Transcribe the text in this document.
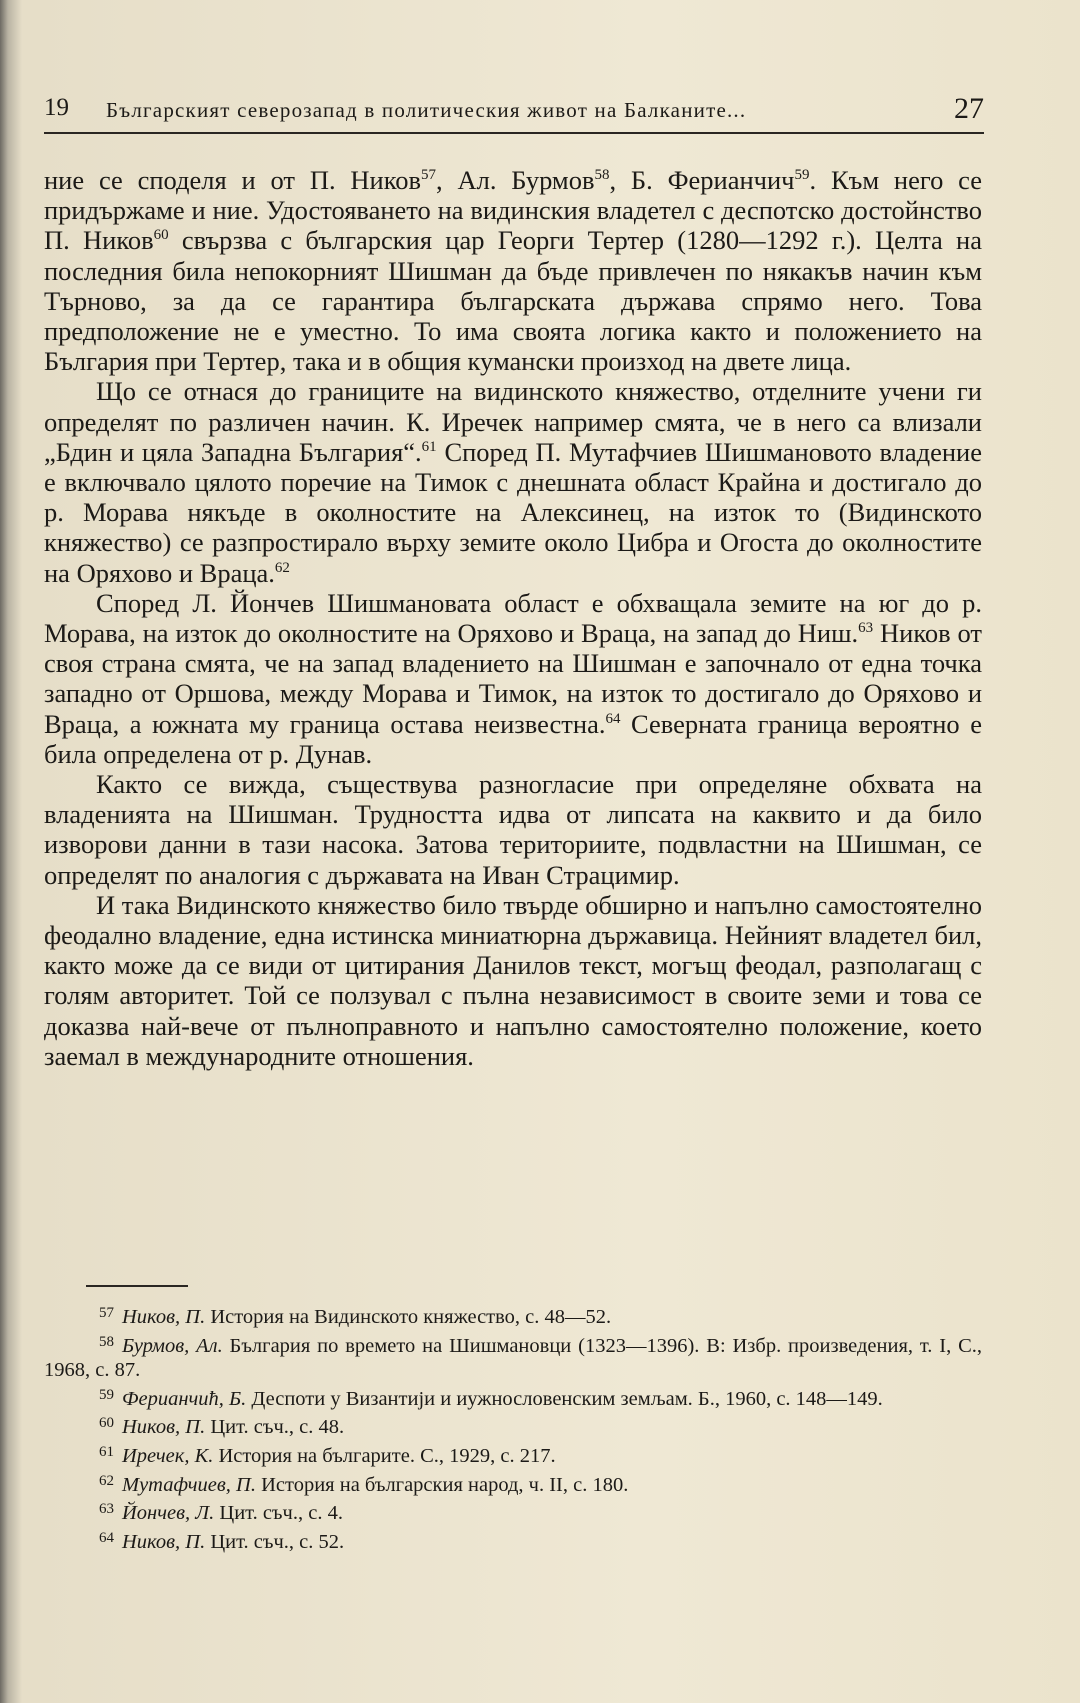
19 Българският северозапад в политическия живот на Балканите...	27

ние се споделя и от П. Ников$^{57}$, Ал. Бурмов$^{58}$, Б. Ферианчич$^{59}$. Към него се придържаме и ние. Удостояването на видинския владетел с деспотско достойнство П. Ников$^{60}$ свързва с българския цар Георги Тертер (1280—1292 г.). Целта на последния била непокорният Шишман да бъде привлечен по някакъв начин към Търново, за да се гарантира българската държава спрямо него. Това предположение не е уместно. То има своята логика както и положението на България при Тертер, така и в общия кумански произход на двете лица.

Що се отнася до границите на видинското княжество, отделните учени ги определят по различен начин. К. Иречек например смята, че в него са влизали „Бдин и цяла Западна България“.$^{61}$ Според П. Мутафчиев Шишмановото владение е включвало цялото поречие на Тимок с днешната област Крайна и достигало до р. Морава някъде в околностите на Алексинец, на изток то (Видинското княжество) се разпростирало върху земите около Цибра и Огоста до околностите на Оряхово и Враца.$^{62}$

Според Л. Йончев Шишмановата област е обхващала земите на юг до р. Морава, на изток до околностите на Оряхово и Враца, на запад до Ниш.$^{63}$ Ников от своя страна смята, че на запад владението на Шишман е започнало от една точка западно от Оршова, между Морава и Тимок, на изток то достигало до Оряхово и Враца, а южната му граница остава неизвестна.$^{64}$ Северната граница вероятно е била определена от р. Дунав.

Както се вижда, съществува разногласие при определяне обхвата на владенията на Шишман. Трудността идва от липсата на каквито и да било изворови данни в тази насока. Затова териториите, подвластни на Шишман, се определят по аналогия с държавата на Иван Страцимир.

И така Видинското княжество било твърде обширно и напълно самостоятелно феодално владение, една истинска миниатюрна държавица. Нейният владетел бил, както може да се види от цитирания Данилов текст, могъщ феодал, разполагащ с голям авторитет. Той се ползувал с пълна независимост в своите земи и това се доказва най-вече от пълноправното и напълно самостоятелно положение, което заемал в международните отношения.

57 Ников, П. История на Видинското княжество, с. 48—52.

58 Бурмов, Ал. България по времето на Шишмановци (1323—1396). В: Избр. произведения, т. I, С., 1968, с. 87.

59 Ферианчић, Б. Деспоти у Византији и иужнословенским земљам. Б., 1960, с. 148—149.

60 Ников, П. Цит. съч., с. 48.

61 Иречек, К. История на българите. С., 1929, с. 217.

62 Мутафчиев, П. История на българския народ, ч. II, с. 180.

63 Йончев, Л. Цит. съч., с. 4.

64 Ников, П. Цит. съч., с. 52.
